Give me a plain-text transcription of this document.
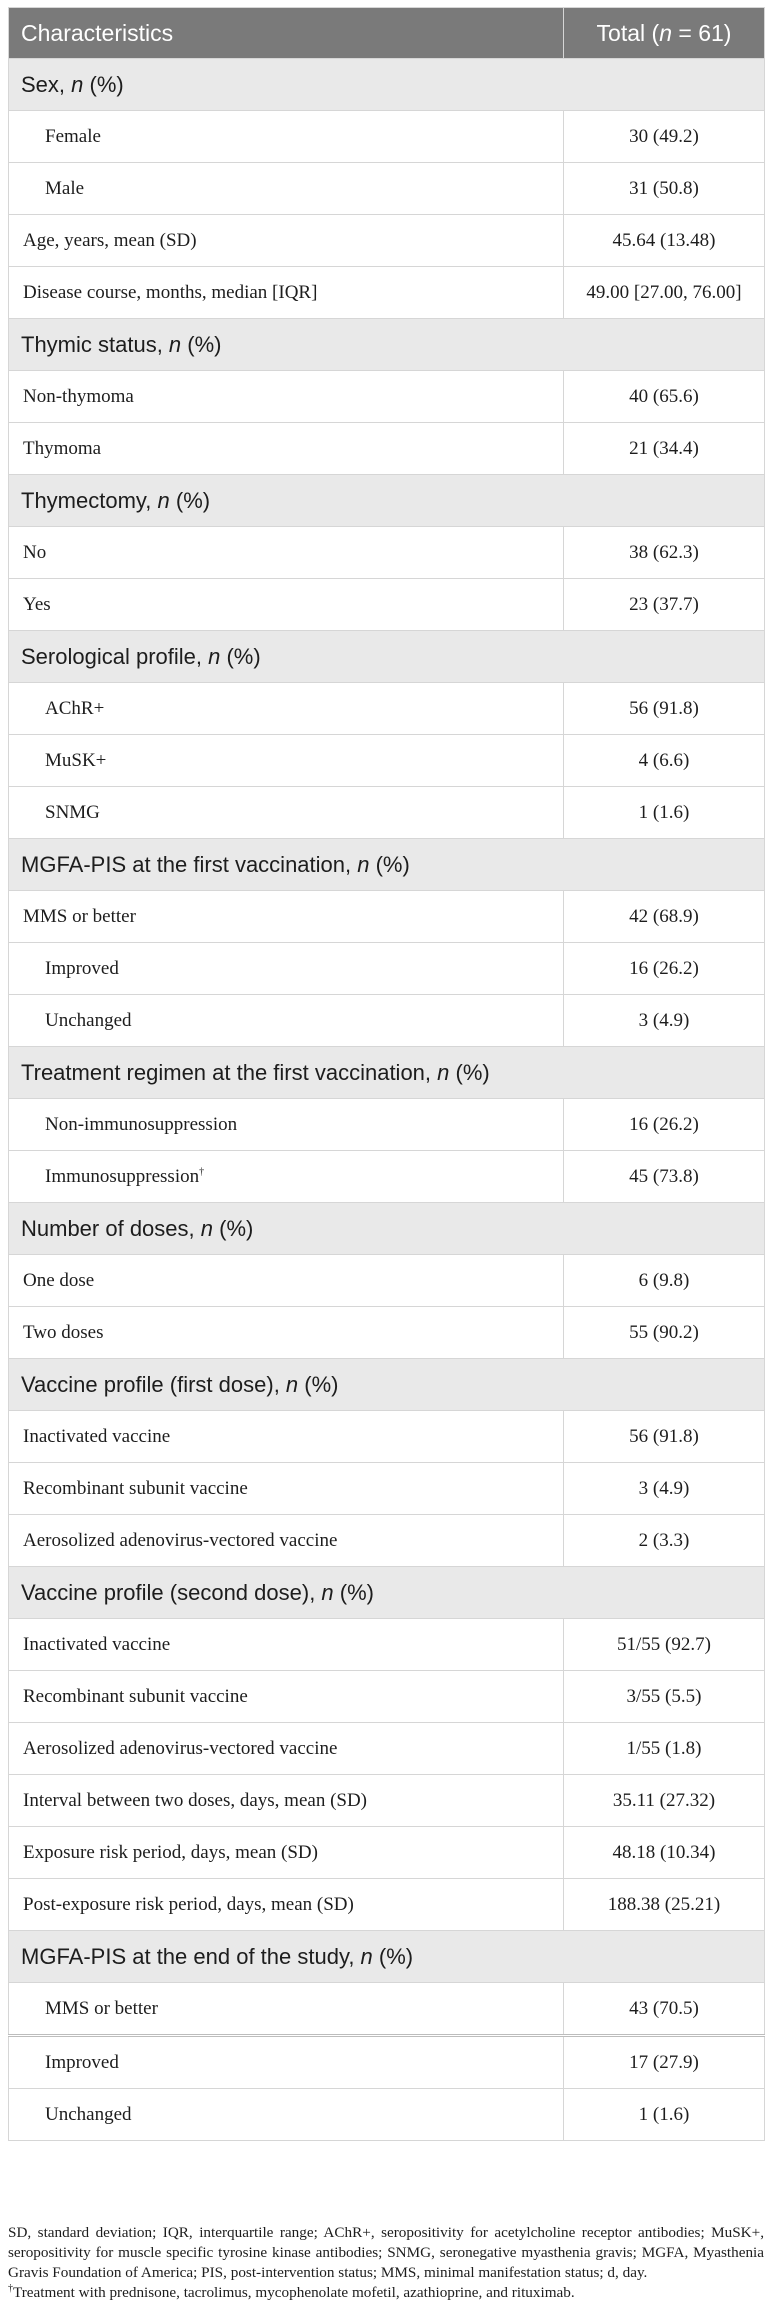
Characteristics	Total (n = 61)
Sex, n (%)	
Female	30 (49.2)
Male	31 (50.8)
Age, years, mean (SD)	45.64 (13.48)
Disease course, months, median [IQR]	49.00 [27.00, 76.00]
Thymic status, n (%)	
Non-thymoma	40 (65.6)
Thymoma	21 (34.4)
Thymectomy, n (%)	
No	38 (62.3)
Yes	23 (37.7)
Serological profile, n (%)	
AChR+	56 (91.8)
MuSK+	4 (6.6)
SNMG	1 (1.6)
MGFA-PIS at the first vaccination, n (%)	
MMS or better	42 (68.9)
Improved	16 (26.2)
Unchanged	3 (4.9)
Treatment regimen at the first vaccination, n (%)	
Non-immunosuppression	16 (26.2)
Immunosuppression†	45 (73.8)
Number of doses, n (%)	
One dose	6 (9.8)
Two doses	55 (90.2)
Vaccine profile (first dose), n (%)	
Inactivated vaccine	56 (91.8)
Recombinant subunit vaccine	3 (4.9)
Aerosolized adenovirus-vectored vaccine	2 (3.3)
Vaccine profile (second dose), n (%)	
Inactivated vaccine	51/55 (92.7)
Recombinant subunit vaccine	3/55 (5.5)
Aerosolized adenovirus-vectored vaccine	1/55 (1.8)
Interval between two doses, days, mean (SD)	35.11 (27.32)
Exposure risk period, days, mean (SD)	48.18 (10.34)
Post-exposure risk period, days, mean (SD)	188.38 (25.21)
MGFA-PIS at the end of the study, n (%)	
MMS or better	43 (70.5)
Improved	17 (27.9)
Unchanged	1 (1.6)

SD, standard deviation; IQR, interquartile range; AChR+, seropositivity for acetylcholine receptor antibodies; MuSK+, seropositivity for muscle specific tyrosine kinase antibodies; SNMG, seronegative myasthenia gravis; MGFA, Myasthenia Gravis Foundation of America; PIS, post-intervention status; MMS, minimal manifestation status; d, day.

†Treatment with prednisone, tacrolimus, mycophenolate mofetil, azathioprine, and rituximab.
